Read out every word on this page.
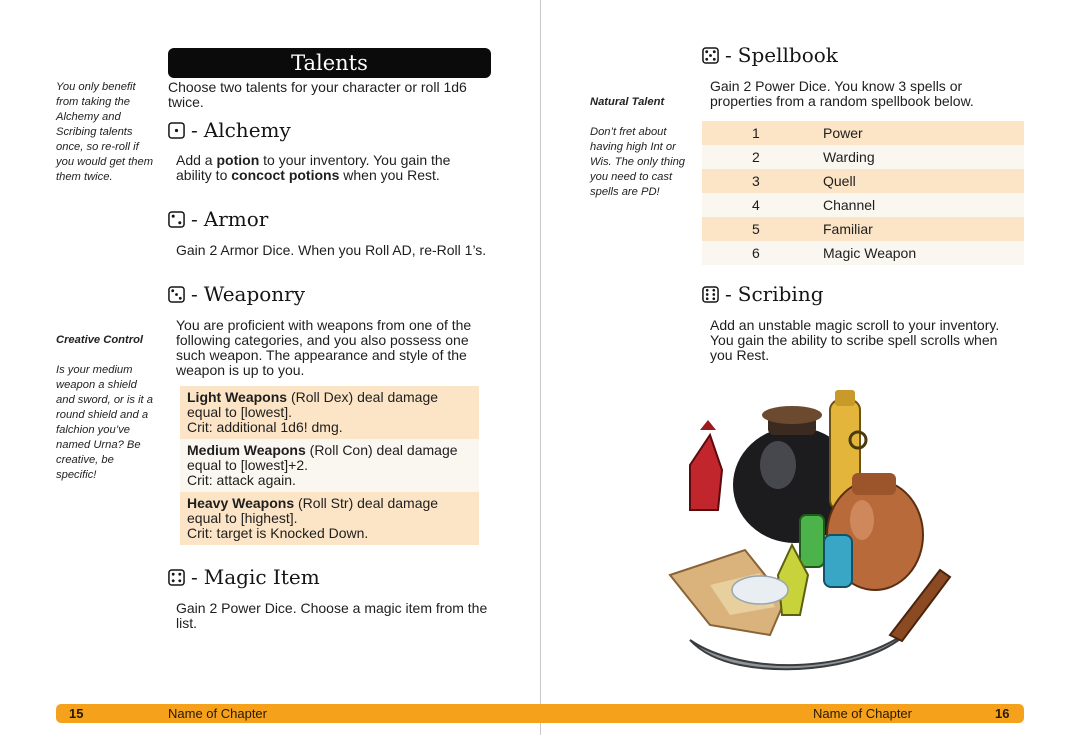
You only benefit from taking the Alchemy and Scribing talents once, so re-roll if you would get them them twice.
Creative Control
Is your medium weapon a shield and sword, or is it a round shield and a falchion you’ve named Urna? Be creative, be specific!
Talents
Choose two talents for your character or roll 1d6 twice.
- Alchemy
Add a potion to your inventory. You gain the ability to concoct potions when you Rest.
- Armor
Gain 2 Armor Dice. When you Roll AD, re-Roll 1’s.
- Weaponry
You are proficient with weapons from one of the following categories, and you also possess one such weapon. The appearance and style of the weapon is up to you.
Light Weapons (Roll Dex) deal damage equal to [lowest].
Crit: additional 1d6! dmg.
Medium Weapons (Roll Con) deal damage equal to [lowest]+2.
Crit: attack again.
Heavy Weapons (Roll Str) deal damage equal to [highest].
Crit: target is Knocked Down.
- Magic Item
Gain 2 Power Dice. Choose a magic item from the list.
Natural Talent
Don’t fret about having high Int or Wis. The only thing you need to cast spells are PD!
- Spellbook
Gain 2 Power Dice. You know 3 spells or properties from a random spellbook below.
1	Power
2	Warding
3	Quell
4	Channel
5	Familiar
6	Magic Weapon
- Scribing
Add an unstable magic scroll to your inventory. You gain the ability to scribe spell scrolls when you Rest.
15	Name of Chapter	Name of Chapter	16
